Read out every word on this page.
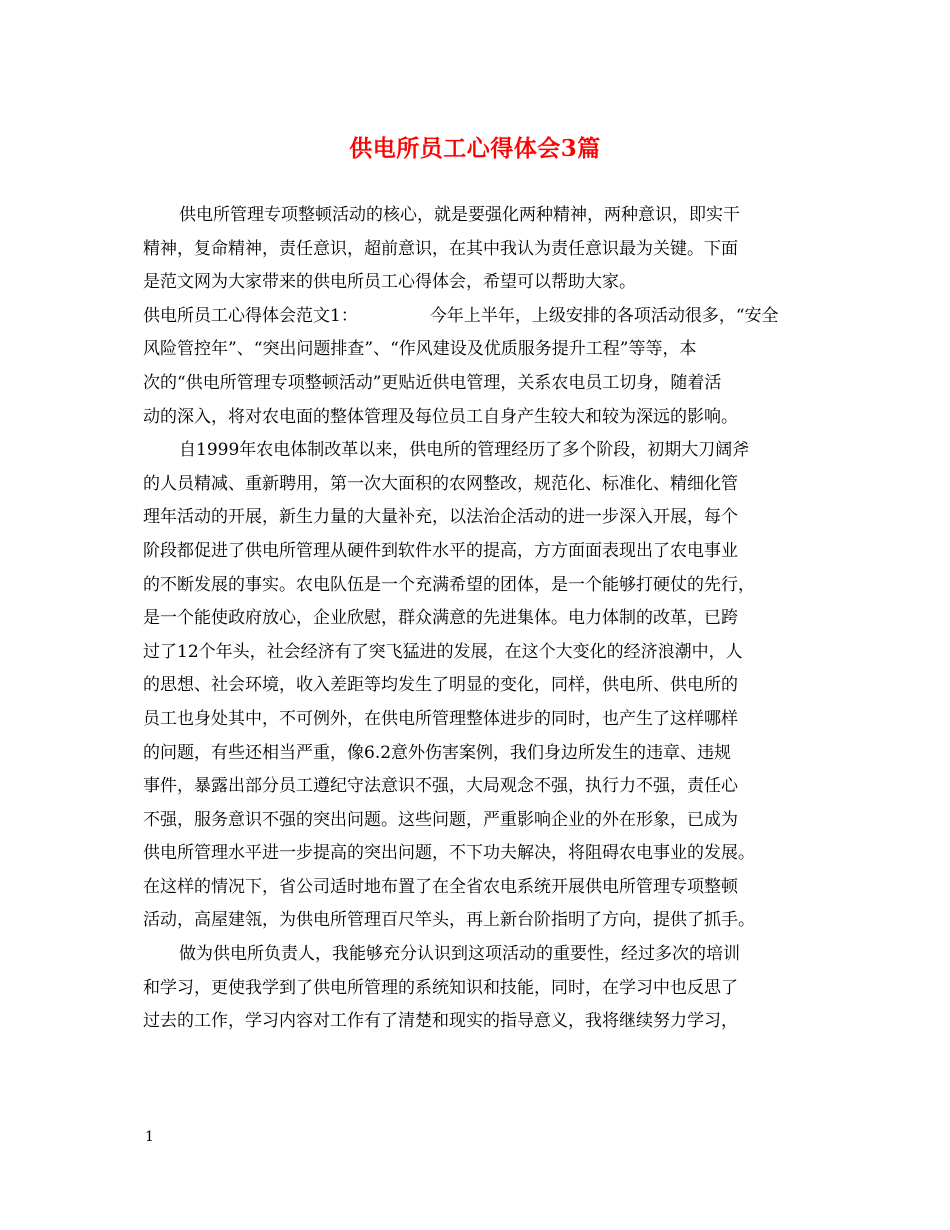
供电所员工心得体会3篇
供电所管理专项整顿活动的核心，就是要强化两种精神，两种意识，即实干
精神，复命精神，责任意识，超前意识，在其中我认为责任意识最为关键。下面
是范文网为大家带来的供电所员工心得体会，希望可以帮助大家。
供电所员工心得体会范文1：	今年上半年，上级安排的各项活动很多，“安全
风险管控年”、“突出问题排查”、“作风建设及优质服务提升工程”等等，本
次的“供电所管理专项整顿活动”更贴近供电管理，关系农电员工切身，随着活
动的深入，将对农电面的整体管理及每位员工自身产生较大和较为深远的影响。
自1999年农电体制改革以来，供电所的管理经历了多个阶段，初期大刀阔斧
的人员精减、重新聘用，第一次大面积的农网整改，规范化、标准化、精细化管
理年活动的开展，新生力量的大量补充，以法治企活动的进一步深入开展，每个
阶段都促进了供电所管理从硬件到软件水平的提高，方方面面表现出了农电事业
的不断发展的事实。农电队伍是一个充满希望的团体，是一个能够打硬仗的先行，
是一个能使政府放心，企业欣慰，群众满意的先进集体。电力体制的改革，已跨
过了12个年头，社会经济有了突飞猛进的发展，在这个大变化的经济浪潮中，人
的思想、社会环境，收入差距等均发生了明显的变化，同样，供电所、供电所的
员工也身处其中，不可例外，在供电所管理整体进步的同时，也产生了这样哪样
的问题，有些还相当严重，像6.2意外伤害案例，我们身边所发生的违章、违规
事件，暴露出部分员工遵纪守法意识不强，大局观念不强，执行力不强，责任心
不强，服务意识不强的突出问题。这些问题，严重影响企业的外在形象，已成为
供电所管理水平进一步提高的突出问题，不下功夫解决，将阻碍农电事业的发展。
在这样的情况下，省公司适时地布置了在全省农电系统开展供电所管理专项整顿
活动，高屋建瓴，为供电所管理百尺竿头，再上新台阶指明了方向，提供了抓手。
做为供电所负责人，我能够充分认识到这项活动的重要性，经过多次的培训
和学习，更使我学到了供电所管理的系统知识和技能，同时，在学习中也反思了
过去的工作，学习内容对工作有了清楚和现实的指导意义，我将继续努力学习，
1
